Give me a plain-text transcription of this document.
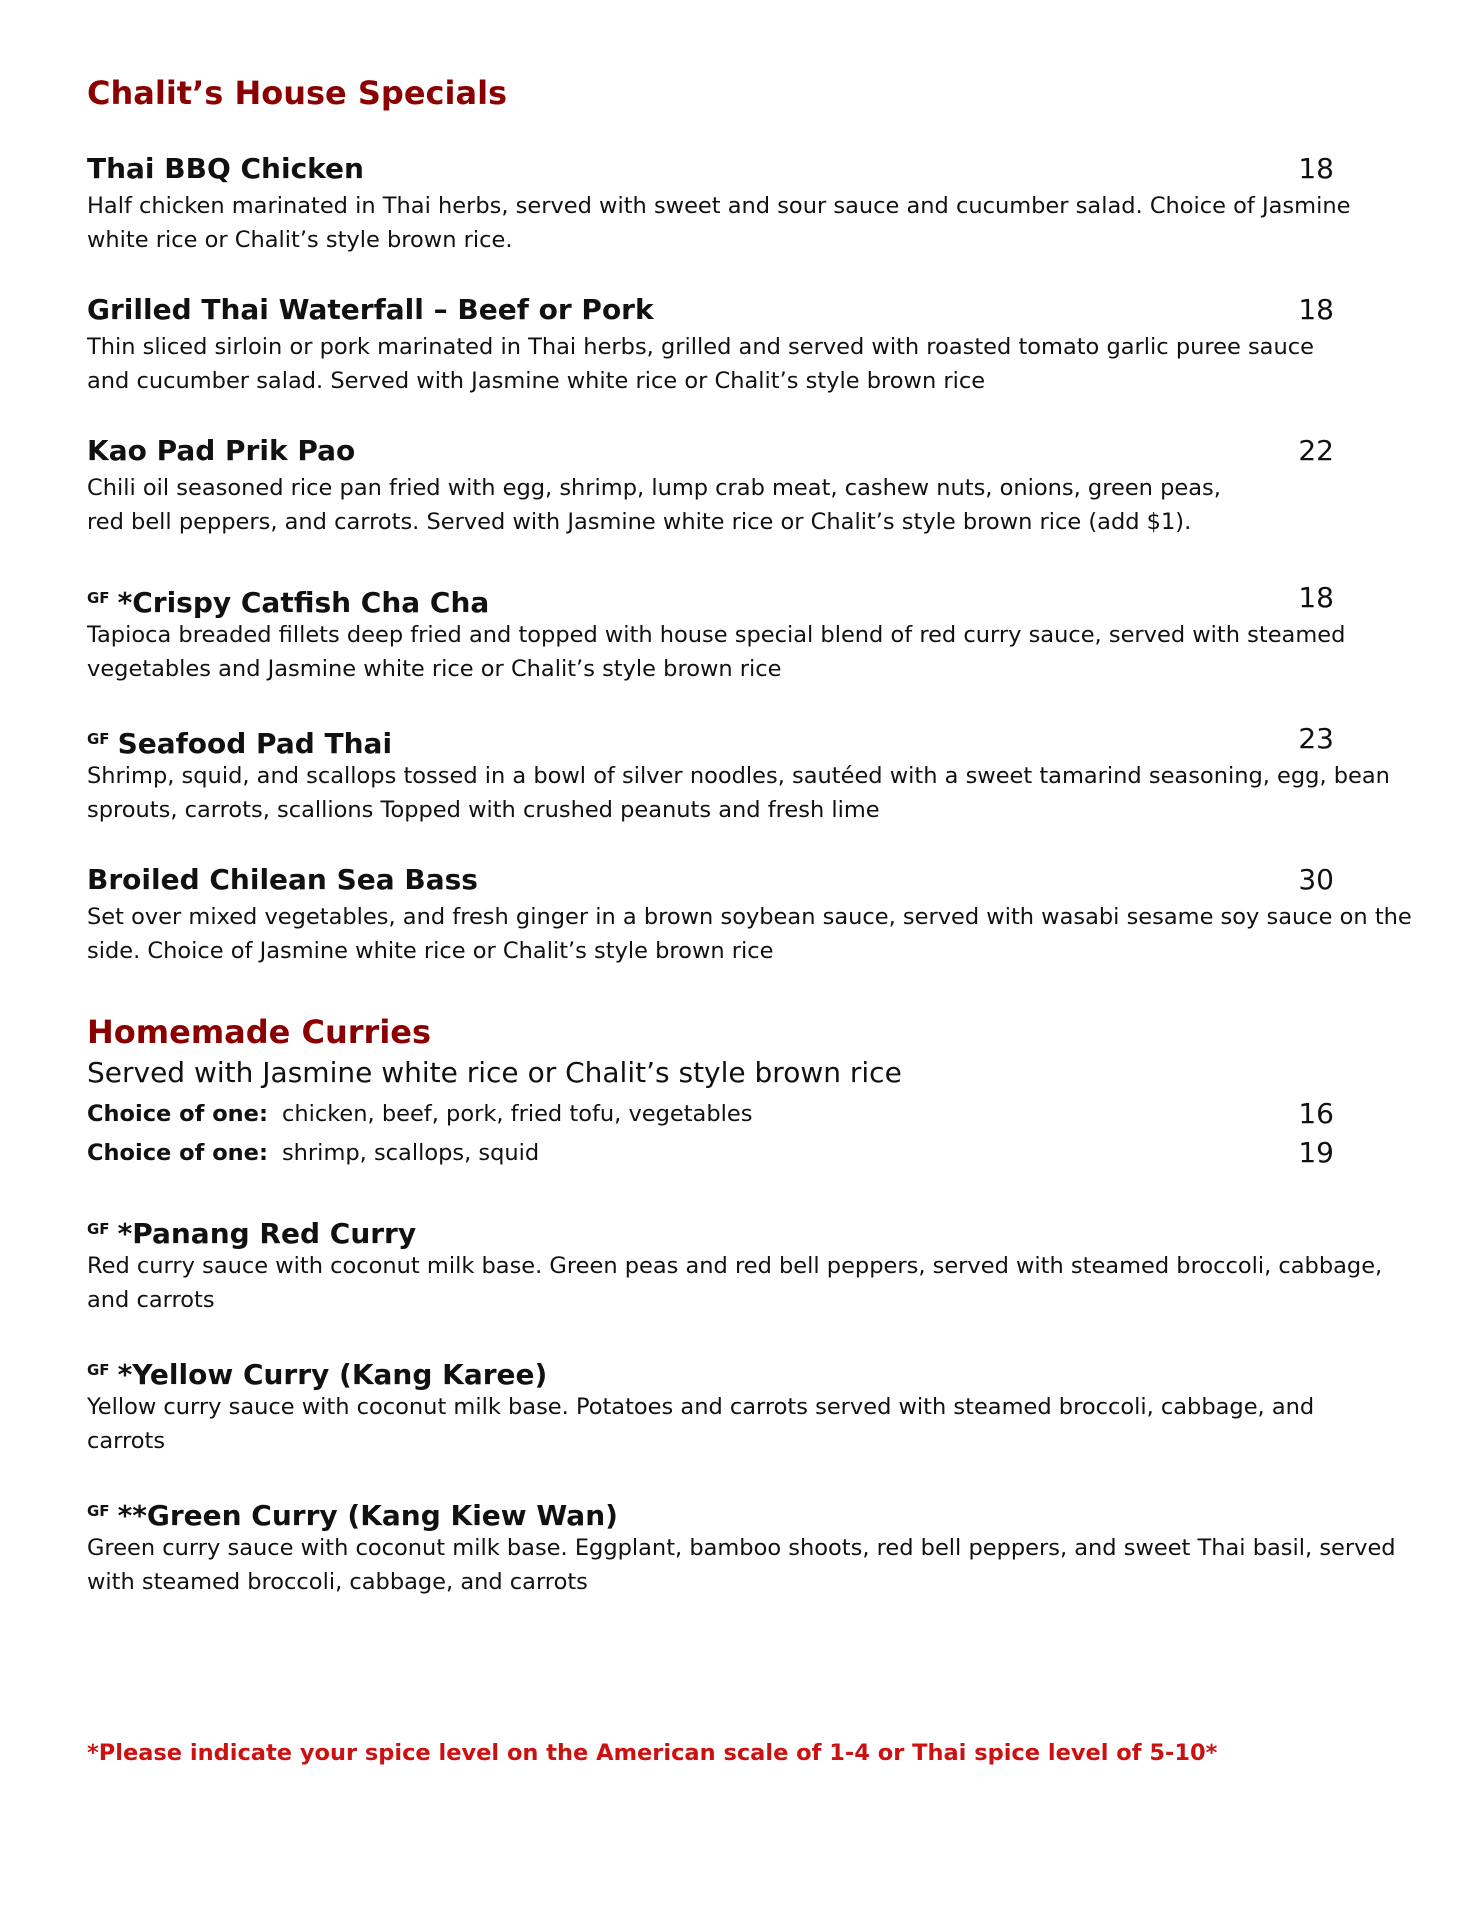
Chalit’s House Specials
Thai BBQ Chicken	18
Half chicken marinated in Thai herbs, served with sweet and sour sauce and cucumber salad. Choice of Jasmine
white rice or Chalit’s style brown rice.
Grilled Thai Waterfall – Beef or Pork	18
Thin sliced sirloin or pork marinated in Thai herbs, grilled and served with roasted tomato garlic puree sauce
and cucumber salad. Served with Jasmine white rice or Chalit’s style brown rice
Kao Pad Prik Pao	22
Chili oil seasoned rice pan fried with egg, shrimp, lump crab meat, cashew nuts, onions, green peas,
red bell peppers, and carrots. Served with Jasmine white rice or Chalit’s style brown rice (add $1).
$^{GF}$ *Crispy Catfish Cha Cha	18
Tapioca breaded fillets deep fried and topped with house special blend of red curry sauce, served with steamed
vegetables and Jasmine white rice or Chalit’s style brown rice
$^{GF}$ Seafood Pad Thai	23
Shrimp, squid, and scallops tossed in a bowl of silver noodles, sautéed with a sweet tamarind seasoning, egg, bean
sprouts, carrots, scallions Topped with crushed peanuts and fresh lime
Broiled Chilean Sea Bass	30
Set over mixed vegetables, and fresh ginger in a brown soybean sauce, served with wasabi sesame soy sauce on the
side. Choice of Jasmine white rice or Chalit’s style brown rice
Homemade Curries
Served with Jasmine white rice or Chalit’s style brown rice
Choice of one: chicken, beef, pork, fried tofu, vegetables	16
Choice of one: shrimp, scallops, squid	19
$^{GF}$ *Panang Red Curry
Red curry sauce with coconut milk base. Green peas and red bell peppers, served with steamed broccoli, cabbage,
and carrots
$^{GF}$ *Yellow Curry (Kang Karee)
Yellow curry sauce with coconut milk base. Potatoes and carrots served with steamed broccoli, cabbage, and
carrots
$^{GF}$ **Green Curry (Kang Kiew Wan)
Green curry sauce with coconut milk base. Eggplant, bamboo shoots, red bell peppers, and sweet Thai basil, served
with steamed broccoli, cabbage, and carrots
*Please indicate your spice level on the American scale of 1-4 or Thai spice level of 5-10*
